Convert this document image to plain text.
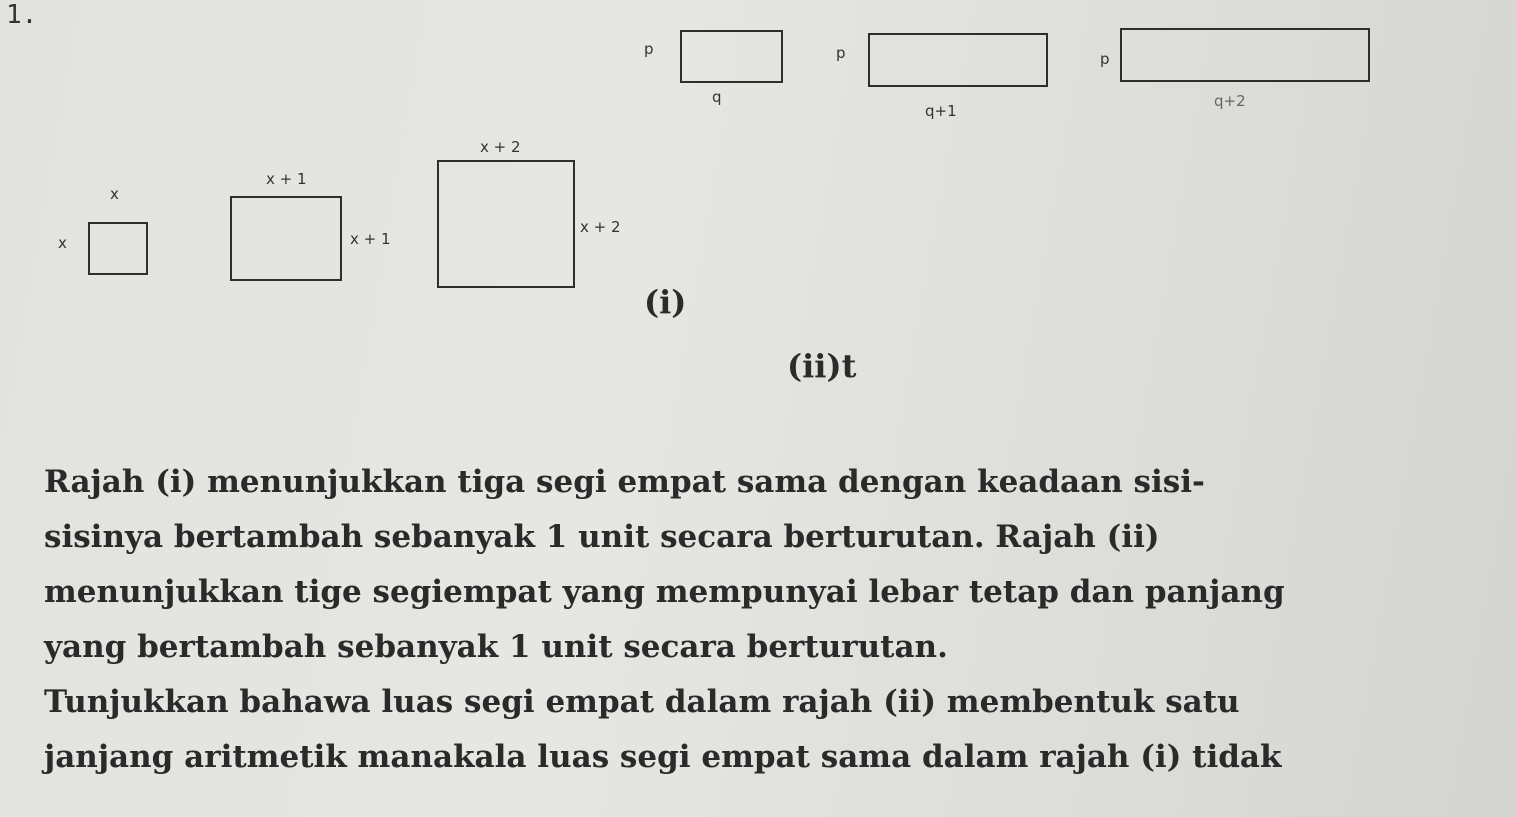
1.
p
q
p
q+1
p
q+2
x
x
x + 1
x + 1
x + 2
x + 2
(i)
(ii)t

Rajah (i) menunjukkan tiga segi empat sama dengan keadaan sisi-

sisinya bertambah sebanyak 1 unit secara berturutan. Rajah (ii)

menunjukkan tige segiempat yang mempunyai lebar tetap dan panjang

yang bertambah sebanyak 1 unit secara berturutan.

Tunjukkan bahawa luas segi empat dalam rajah (ii) membentuk satu

janjang aritmetik manakala luas segi empat sama dalam rajah (i) tidak
